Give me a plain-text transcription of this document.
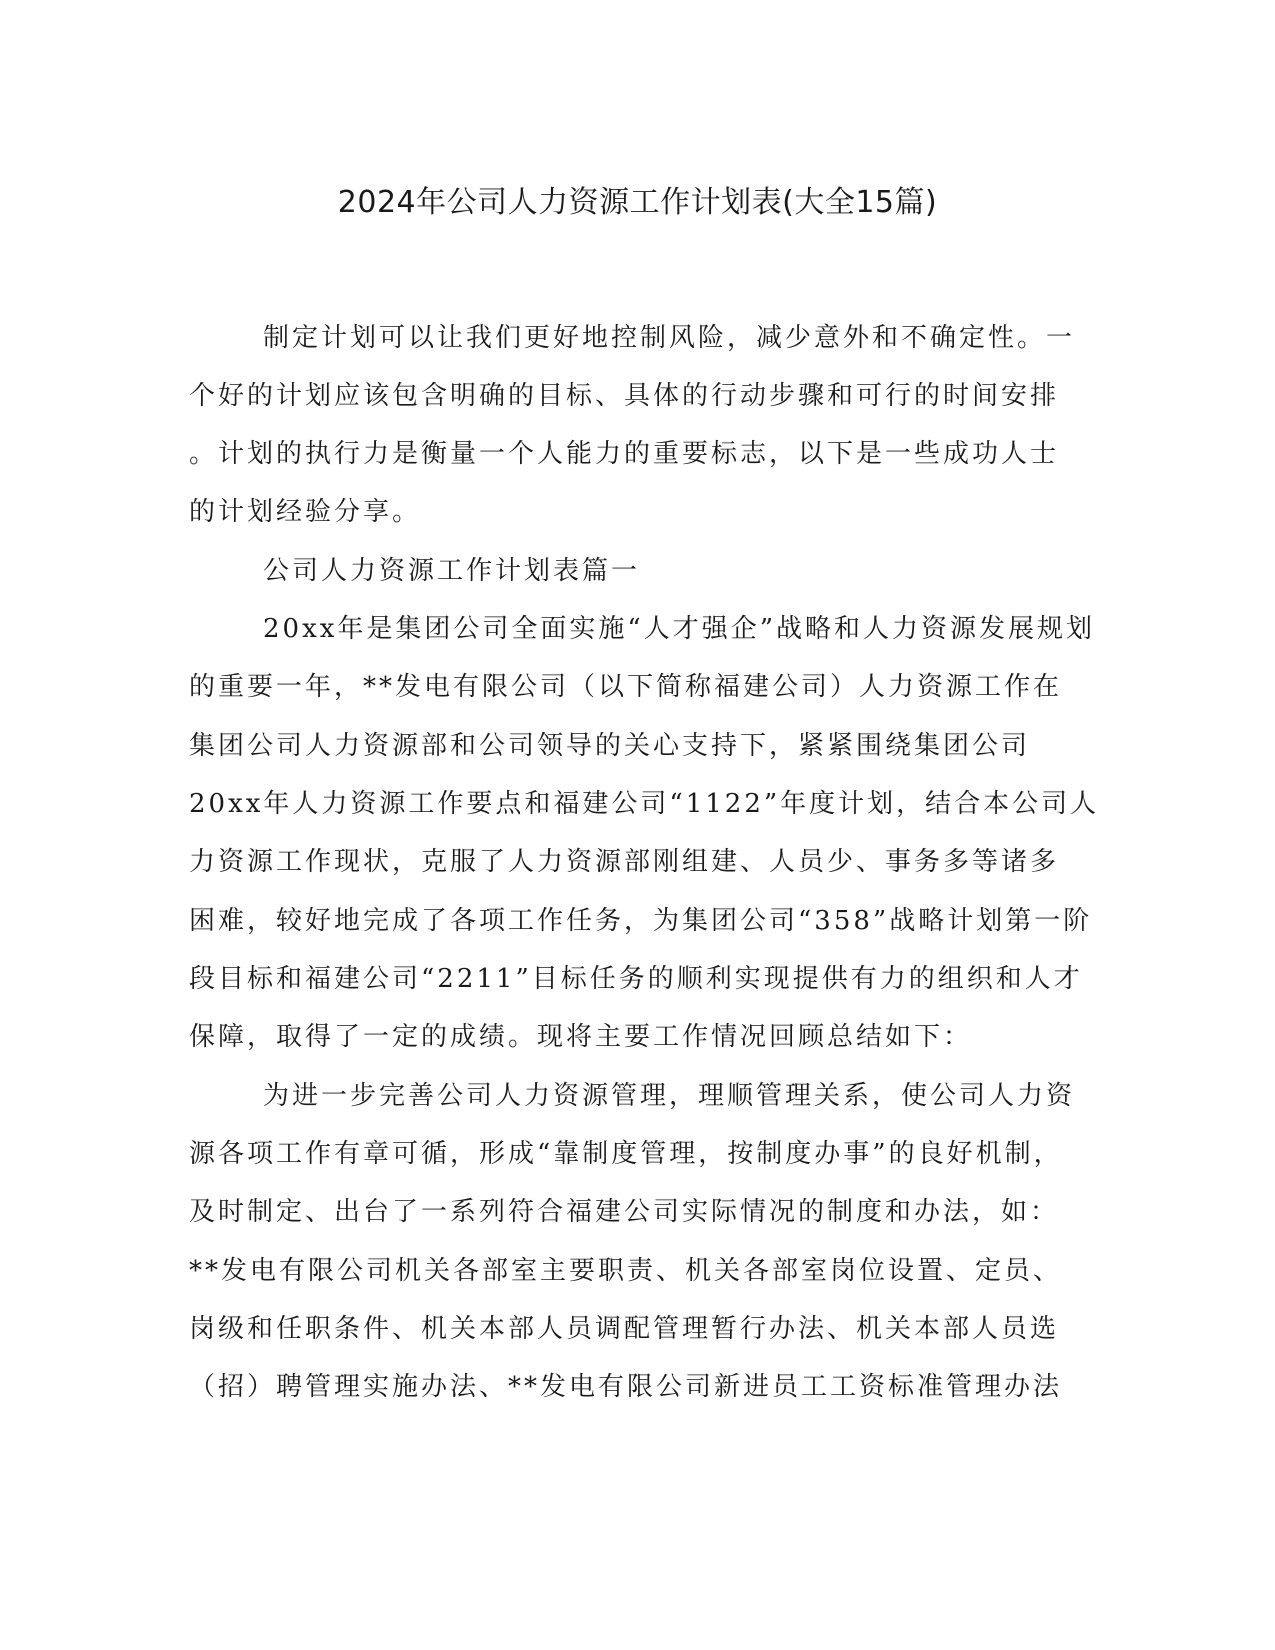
2024年公司人力资源工作计划表(大全15篇)
制定计划可以让我们更好地控制风险，减少意外和不确定性。一
个好的计划应该包含明确的目标、具体的行动步骤和可行的时间安排
。计划的执行力是衡量一个人能力的重要标志，以下是一些成功人士
的计划经验分享。
公司人力资源工作计划表篇一
20xx年是集团公司全面实施“人才强企”战略和人力资源发展规划
的重要一年，**发电有限公司（以下简称福建公司）人力资源工作在
集团公司人力资源部和公司领导的关心支持下，紧紧围绕集团公司
20xx年人力资源工作要点和福建公司“1122”年度计划，结合本公司人
力资源工作现状，克服了人力资源部刚组建、人员少、事务多等诸多
困难，较好地完成了各项工作任务，为集团公司“358”战略计划第一阶
段目标和福建公司“2211”目标任务的顺利实现提供有力的组织和人才
保障，取得了一定的成绩。现将主要工作情况回顾总结如下：
为进一步完善公司人力资源管理，理顺管理关系，使公司人力资
源各项工作有章可循，形成“靠制度管理，按制度办事”的良好机制，
及时制定、出台了一系列符合福建公司实际情况的制度和办法，如：
**发电有限公司机关各部室主要职责、机关各部室岗位设置、定员、
岗级和任职条件、机关本部人员调配管理暂行办法、机关本部人员选
（招）聘管理实施办法、**发电有限公司新进员工工资标准管理办法
